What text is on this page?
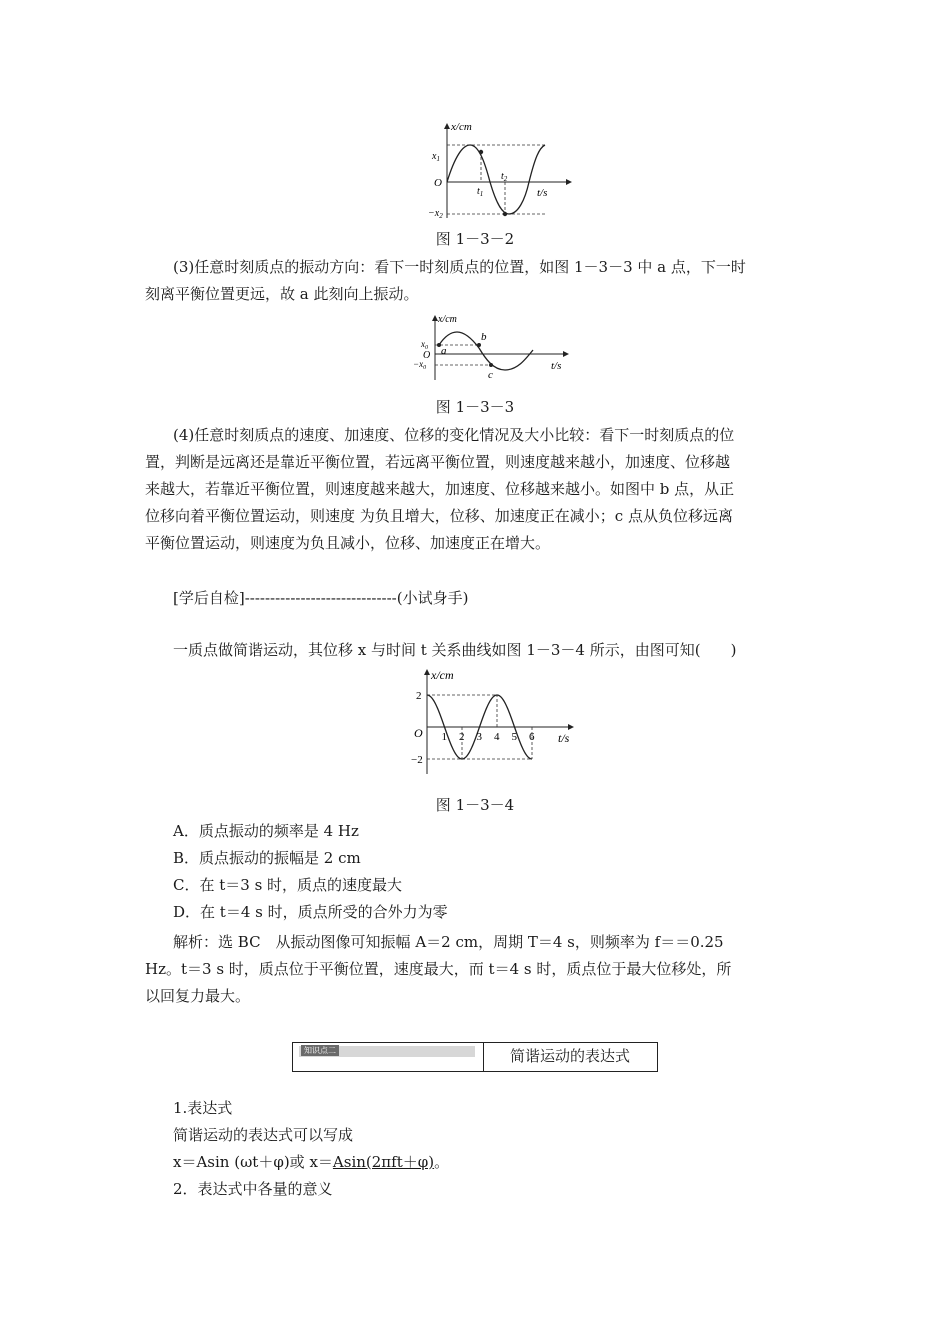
x/cm
t/s
O
$x_1$
$-x_2$
$t_1$
$t_2$
图 1－3－2
(3)任意时刻质点的振动方向：看下一时刻质点的位置，如图 1－3－3 中 a 点，下一时
刻离平衡位置更远，故 a 此刻向上振动。
x/cm
t/s
$x_0$
O
$-x_0$
a
b
c
图 1－3－3
(4)任意时刻质点的速度、加速度、位移的变化情况及大小比较：看下一时刻质点的位
置，判断是远离还是靠近平衡位置，若远离平衡位置，则速度越来越小，加速度、位移越
来越大，若靠近平衡位置，则速度越来越大，加速度、位移越来越小。如图中 b 点，从正
位移向着平衡位置运动，则速度 为负且增大，位移、加速度正在减小；c 点从负位移远离
平衡位置运动，则速度为负且减小，位移、加速度正在增大。
[学后自检]------------------------------(小试身手)
一质点做简谐运动，其位移 x 与时间 t 关系曲线如图 1－3－4 所示，由图可知(　　)
x/cm
t/s
O 1 2 3 4 5 6
2
−2
图 1－3－4
A．质点振动的频率是 4 Hz
B．质点振动的振幅是 2 cm
C．在 t＝3 s 时，质点的速度最大
D．在 t＝4 s 时，质点所受的合外力为零
解析：选 BC　从振动图像可知振幅 A＝2 cm，周期 T＝4 s，则频率为 f＝＝0.25
Hz。t＝3 s 时，质点位于平衡位置，速度最大，而 t＝4 s 时，质点位于最大位移处，所
以回复力最大。
知识点二	简谐运动的表达式
1.表达式
简谐运动的表达式可以写成
x＝Asin (ωt＋φ)或 x＝Asin(2πft＋φ)。
2．表达式中各量的意义
